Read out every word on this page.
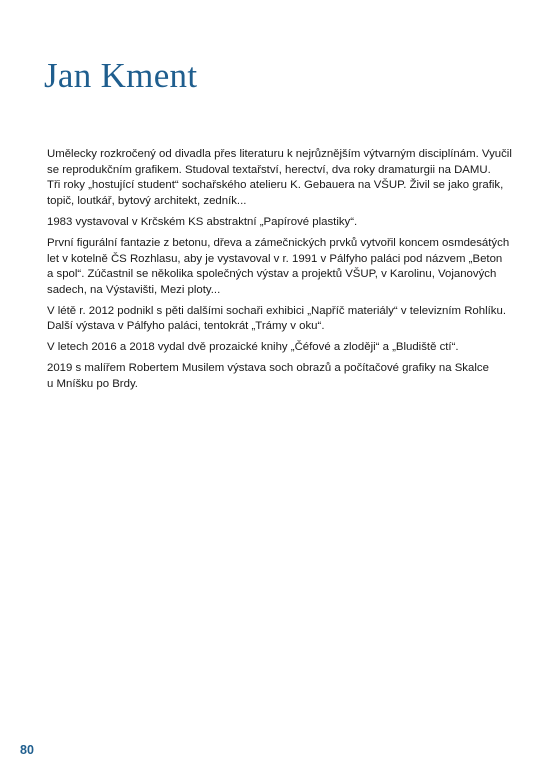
Jan Kment

Umělecky rozkročený od divadla přes literaturu k nejrůznějším výtvarným disciplínám. Vyučil
se reprodukčním grafikem. Studoval textařství, herectví, dva roky dramaturgii na DAMU.
Tři roky „hostující student“ sochařského atelieru K. Gebauera na VŠUP. Živil se jako grafik,
topič, loutkář, bytový architekt, zedník...

1983 vystavoval v Krčském KS abstraktní „Papírové plastiky“.

První figurální fantazie z betonu, dřeva a zámečnických prvků vytvořil koncem osmdesátých
let v kotelně ČS Rozhlasu, aby je vystavoval v r. 1991 v Pálfyho paláci pod názvem „Beton
a spol“. Zúčastnil se několika společných výstav a projektů VŠUP, v Karolinu, Vojanových
sadech, na Výstavišti, Mezi ploty...

V létě r. 2012 podnikl s pěti dalšími sochaři exhibici „Napříč materiály“ v televizním Rohlíku.
Další výstava v Pálfyho paláci, tentokrát „Trámy v oku“.

V letech 2016 a 2018 vydal dvě prozaické knihy „Čéfové a zloději“ a „Bludiště ctí“.

2019 s malířem Robertem Musilem výstava soch obrazů a počítačové grafiky na Skalce
u Mníšku po Brdy.

80
